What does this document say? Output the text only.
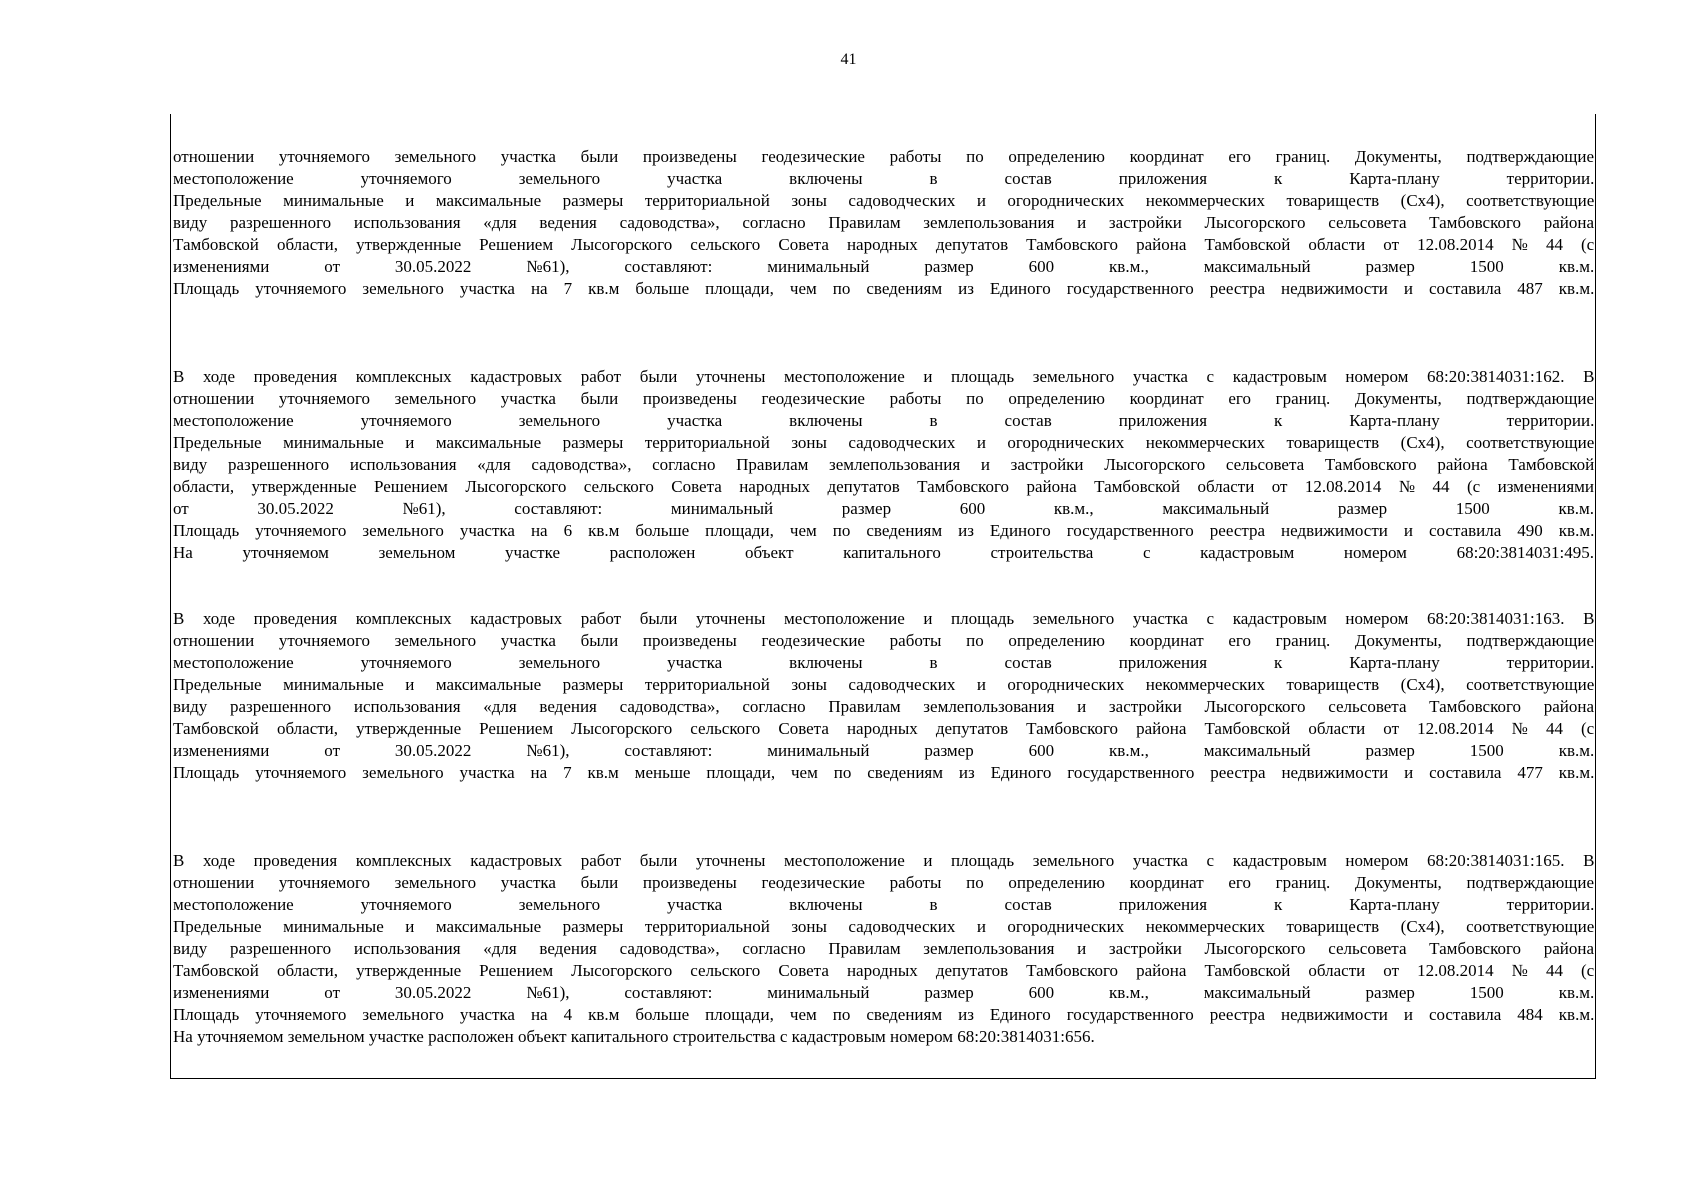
41
отношении уточняемого земельного участка были произведены геодезические работы по определению координат его границ. Документы, подтверждающие
местоположение уточняемого земельного участка включены в состав приложения к Карта-плану территории.
Предельные минимальные и максимальные размеры территориальной зоны садоводческих и огороднических некоммерческих товариществ (Сх4), соответствующие
виду разрешенного использования «для ведения садоводства», согласно Правилам землепользования и застройки Лысогорского сельсовета Тамбовского района
Тамбовской области, утвержденные Решением Лысогорского сельского Совета народных депутатов Тамбовского района Тамбовской области от 12.08.2014 № 44 (с
изменениями от 30.05.2022 №61), составляют: минимальный размер 600 кв.м., максимальный размер 1500 кв.м.
Площадь уточняемого земельного участка на 7 кв.м больше площади, чем по сведениям из Единого государственного реестра недвижимости и составила 487 кв.м.
В ходе проведения комплексных кадастровых работ были уточнены местоположение и площадь земельного участка с кадастровым номером 68:20:3814031:162. В
отношении уточняемого земельного участка были произведены геодезические работы по определению координат его границ. Документы, подтверждающие
местоположение уточняемого земельного участка включены в состав приложения к Карта-плану территории.
Предельные минимальные и максимальные размеры территориальной зоны садоводческих и огороднических некоммерческих товариществ (Сх4), соответствующие
виду разрешенного использования «для садоводства», согласно Правилам землепользования и застройки Лысогорского сельсовета Тамбовского района Тамбовской
области, утвержденные Решением Лысогорского сельского Совета народных депутатов Тамбовского района Тамбовской области от 12.08.2014 № 44 (с изменениями
от 30.05.2022 №61), составляют: минимальный размер 600 кв.м., максимальный размер 1500 кв.м.
Площадь уточняемого земельного участка на 6 кв.м больше площади, чем по сведениям из Единого государственного реестра недвижимости и составила 490 кв.м.
На уточняемом земельном участке расположен объект капитального строительства с кадастровым номером 68:20:3814031:495.
В ходе проведения комплексных кадастровых работ были уточнены местоположение и площадь земельного участка с кадастровым номером 68:20:3814031:163. В
отношении уточняемого земельного участка были произведены геодезические работы по определению координат его границ. Документы, подтверждающие
местоположение уточняемого земельного участка включены в состав приложения к Карта-плану территории.
Предельные минимальные и максимальные размеры территориальной зоны садоводческих и огороднических некоммерческих товариществ (Сх4), соответствующие
виду разрешенного использования «для ведения садоводства», согласно Правилам землепользования и застройки Лысогорского сельсовета Тамбовского района
Тамбовской области, утвержденные Решением Лысогорского сельского Совета народных депутатов Тамбовского района Тамбовской области от 12.08.2014 № 44 (с
изменениями от 30.05.2022 №61), составляют: минимальный размер 600 кв.м., максимальный размер 1500 кв.м.
Площадь уточняемого земельного участка на 7 кв.м меньше площади, чем по сведениям из Единого государственного реестра недвижимости и составила 477 кв.м.
В ходе проведения комплексных кадастровых работ были уточнены местоположение и площадь земельного участка с кадастровым номером 68:20:3814031:165. В
отношении уточняемого земельного участка были произведены геодезические работы по определению координат его границ. Документы, подтверждающие
местоположение уточняемого земельного участка включены в состав приложения к Карта-плану территории.
Предельные минимальные и максимальные размеры территориальной зоны садоводческих и огороднических некоммерческих товариществ (Сх4), соответствующие
виду разрешенного использования «для ведения садоводства», согласно Правилам землепользования и застройки Лысогорского сельсовета Тамбовского района
Тамбовской области, утвержденные Решением Лысогорского сельского Совета народных депутатов Тамбовского района Тамбовской области от 12.08.2014 № 44 (с
изменениями от 30.05.2022 №61), составляют: минимальный размер 600 кв.м., максимальный размер 1500 кв.м.
Площадь уточняемого земельного участка на 4 кв.м больше площади, чем по сведениям из Единого государственного реестра недвижимости и составила 484 кв.м.
На уточняемом земельном участке расположен объект капитального строительства с кадастровым номером 68:20:3814031:656.
